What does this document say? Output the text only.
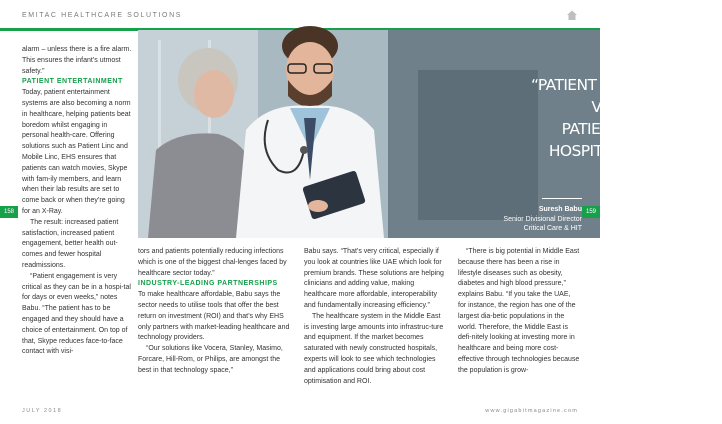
EMITAC HEALTHCARE SOLUTIONS
“PATIENT ENGAGEMENT IS VERY CRITICAL AS PATIENTS CAN BE IN A HOSPITAL FOR DAYS OR EVEN WEEKS”
Suresh Babu
Senior Divisional Director
Critical Care & HIT
158	159

alarm – unless there is a fire alarm. This ensures the infant’s utmost safety.”

PATIENT ENTERTAINMENT

Today, patient entertainment systems are also becoming a norm in healthcare, helping patients beat boredom whilst engaging in personal health-care. Offering solutions such as Patient Linc and Mobile Linc, EHS ensures that patients can watch movies, Skype with fam-ily members, and learn when their lab results are set to come back or when they’re going for an X-Ray.

The result: increased patient satisfaction, increased patient engagement, better health out-comes and fewer hospital readmissions.

“Patient engagement is very critical as they can be in a hospi-tal for days or even weeks,” notes Babu. “The patient has to be engaged and they should have a choice of entertainment. On top of that, Skype reduces face-to-face contact with visi-

tors and patients potentially reducing infections which is one of the biggest chal-lenges faced by healthcare sector today.”

INDUSTRY-LEADING PARTNERSHIPS

To make healthcare affordable, Babu says the sector needs to utilise tools that offer the best return on investment (ROI) and that’s why EHS only partners with market-leading healthcare and technology providers.

“Our solutions like Vocera, Stanley, Masimo, Forcare, Hill-Rom, or Philips, are amongst the best in that technology space,”

Babu says. “That’s very critical, especially if you look at countries like UAE which look for premium brands. These solutions are helping clinicians and adding value, making healthcare more affordable, interoperability and fundamentally increasing efficiency.”

The healthcare system in the Middle East is investing large amounts into infrastruc-ture and equipment. If the market becomes saturated with newly constructed hospitals, experts will look to see which technologies and applications could bring about cost optimisation and ROI.

“There is big potential in Middle East because there has been a rise in lifestyle diseases such as obesity, diabetes and high blood pressure,” explains Babu. “If you take the UAE, for instance, the region has one of the largest dia-betic populations in the world. Therefore, the Middle East is defi-nitely looking at investing more in healthcare and being more cost-effective through technologies because the population is grow-

JULY 2018	www.gigabitmagazine.com
